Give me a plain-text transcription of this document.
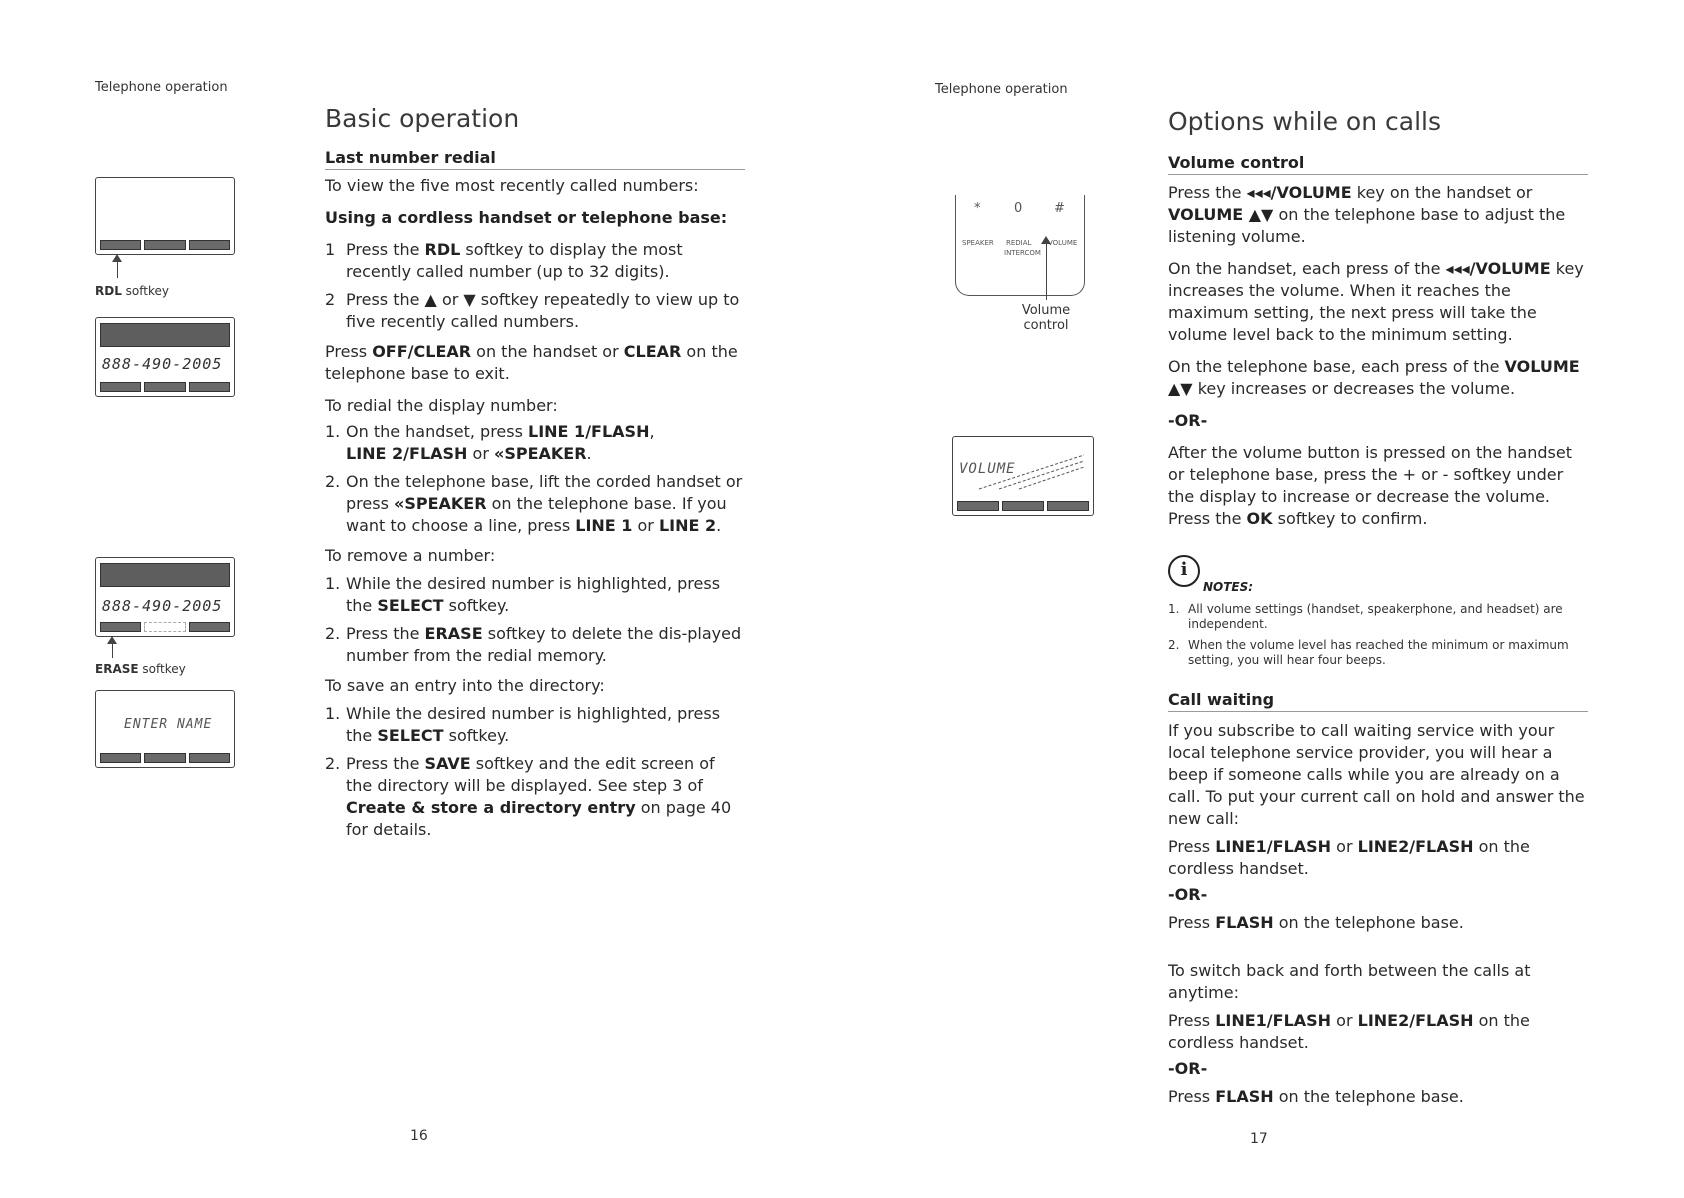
Telephone operation
Basic operation
Last number redial

To view the five most recently called numbers:

Using a cordless handset or telephone base:

1 Press the RDL softkey to display the most recently called number (up to 32 digits).
2 Press the ▲ or ▼ softkey repeatedly to view up to five recently called numbers.

Press OFF/CLEAR on the handset or CLEAR on the telephone base to exit.

To redial the display number:

1. On the handset, press LINE 1/FLASH,
LINE 2/FLASH or «SPEAKER.
2. On the telephone base, lift the corded handset or press «SPEAKER on the telephone base. If you want to choose a line, press LINE 1 or LINE 2.

To remove a number:

1. While the desired number is highlighted, press the SELECT softkey.
2. Press the ERASE softkey to delete the dis-played number from the redial memory.

To save an entry into the directory:

1. While the desired number is highlighted, press the SELECT softkey.
2. Press the SAVE softkey and the edit screen of the directory will be displayed. See step 3 of Create & store a directory entry on page 40 for details.
RDL softkey
888-490-2005
888-490-2005
ERASE softkey
ENTER NAME
16
Telephone operation
Options while on calls
Volume control

Press the ◂◂◂/VOLUME key on the handset or VOLUME ▲▼ on the telephone base to adjust the listening volume.

On the handset, each press of the ◂◂◂/VOLUME key increases the volume. When it reaches the maximum setting, the next press will take the volume level back to the minimum setting.

On the telephone base, each press of the VOLUME ▲▼ key increases or decreases the volume.

-OR-

After the volume button is pressed on the handset or telephone base, press the + or - softkey under the display to increase or decrease the volume. Press the OK softkey to confirm.

i
NOTES:
1. All volume settings (handset, speakerphone, and headset) are independent.
2. When the volume level has reached the minimum or maximum setting, you will hear four beeps.
Call waiting

If you subscribe to call waiting service with your local telephone service provider, you will hear a beep if someone calls while you are already on a call. To put your current call on hold and answer the new call:

Press LINE1/FLASH or LINE2/FLASH on the cordless handset.

-OR-

Press FLASH on the telephone base.

To switch back and forth between the calls at anytime:

Press LINE1/FLASH or LINE2/FLASH on the cordless handset.

-OR-

Press FLASH on the telephone base.

*	0 #
SPEAKER REDIAL VOLUME
INTERCOM
Volume
control
VOLUME
17
